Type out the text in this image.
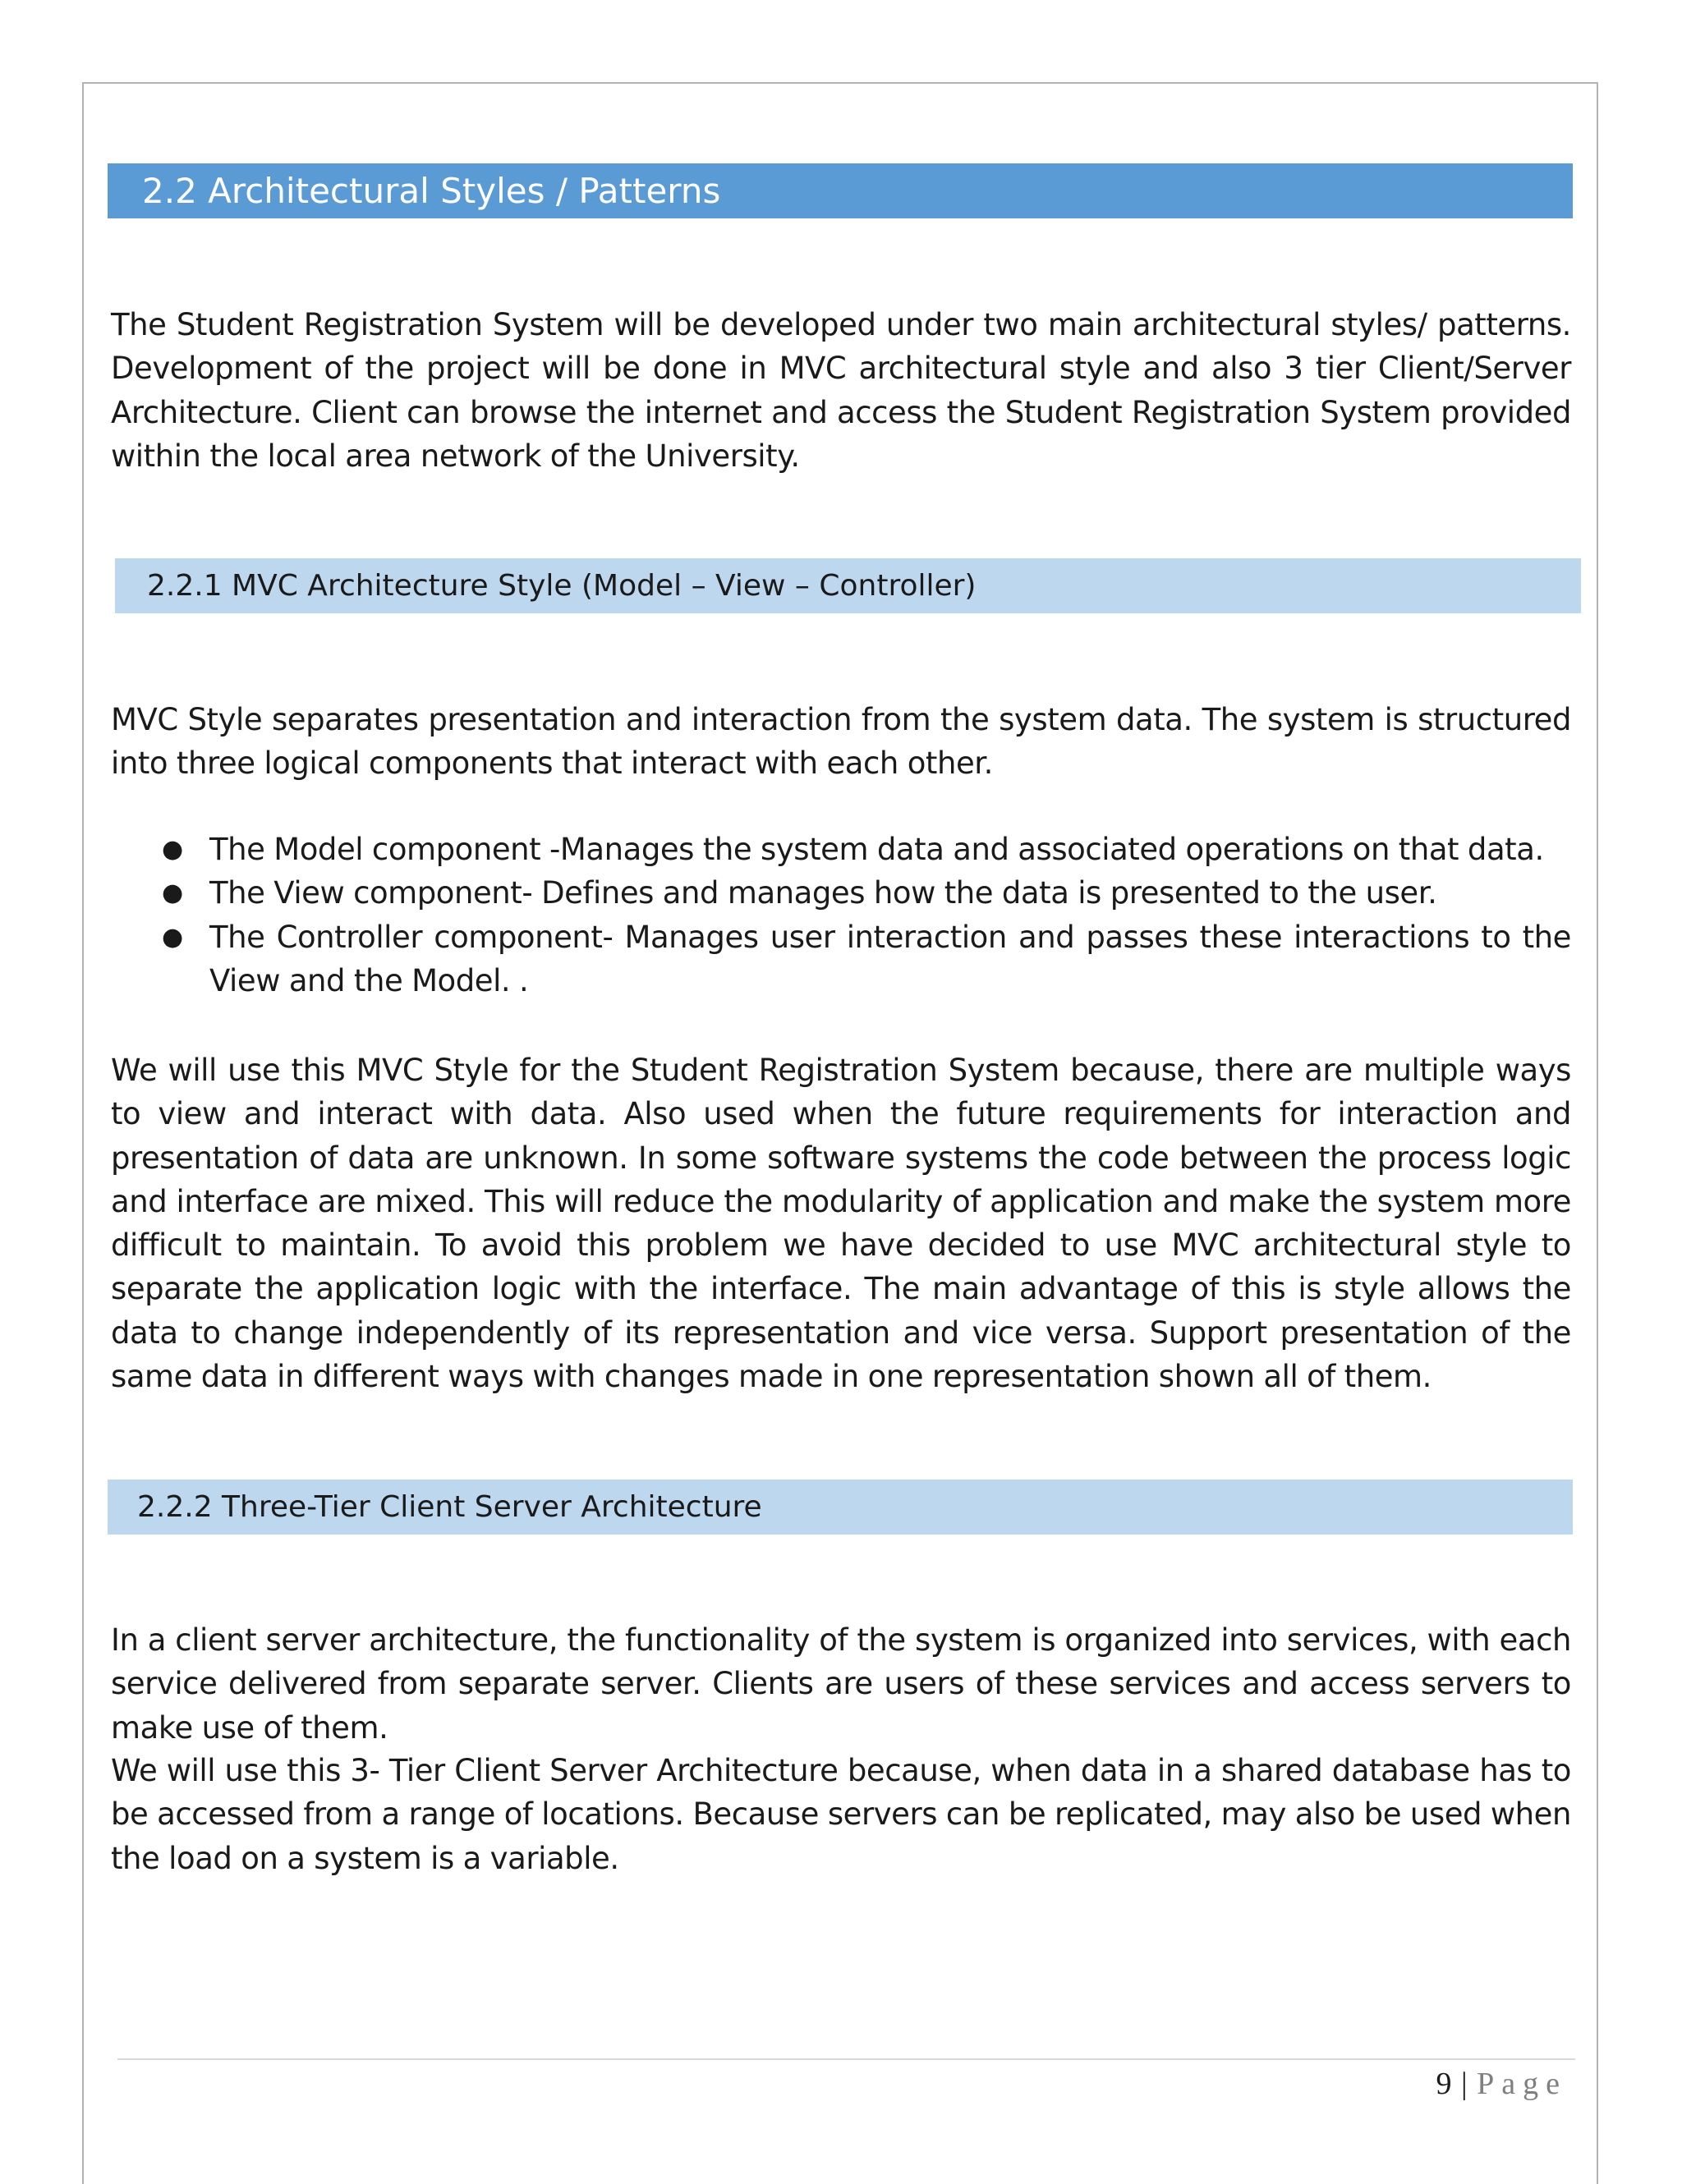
2.2 Architectural Styles / Patterns

The Student Registration System will be developed under two main architectural styles/ patterns. Development of the project will be done in MVC architectural style and also 3 tier Client/Server Architecture. Client can browse the internet and access the Student Registration System provided within the local area network of the University.

2.2.1 MVC Architecture Style (Model – View – Controller)

MVC Style separates presentation and interaction from the system data. The system is structured into three logical components that interact with each other.

● The Model component -Manages the system data and associated operations on that data.
● The View component- Defines and manages how the data is presented to the user.
● The Controller component- Manages user interaction and passes these interactions to the View and the Model. .

We will use this MVC Style for the Student Registration System because, there are multiple ways to view and interact with data. Also used when the future requirements for interaction and presentation of data are unknown. In some software systems the code between the process logic and interface are mixed. This will reduce the modularity of application and make the system more difficult to maintain. To avoid this problem we have decided to use MVC architectural style to separate the application logic with the interface. The main advantage of this is style allows the data to change independently of its representation and vice versa. Support presentation of the same data in different ways with changes made in one representation shown all of them.

2.2.2 Three-Tier Client Server Architecture

In a client server architecture, the functionality of the system is organized into services, with each service delivered from separate server. Clients are users of these services and access servers to make use of them.

We will use this 3- Tier Client Server Architecture because, when data in a shared database has to be accessed from a range of locations. Because servers can be replicated, may also be used when the load on a system is a variable.

9 | Page
